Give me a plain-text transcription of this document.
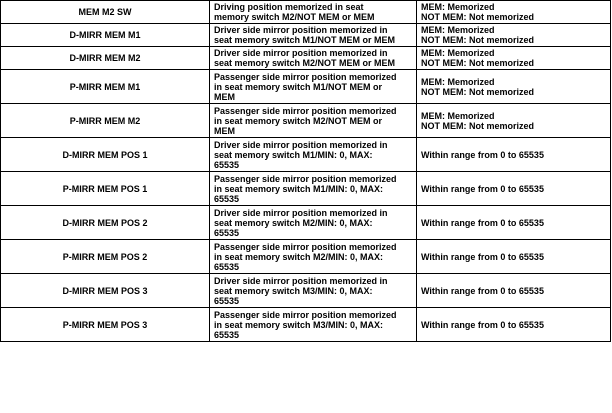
MEM M2 SW	Driving position memorized in seat
memory switch M2/NOT MEM or MEM	MEM: Memorized
NOT MEM: Not memorized

D-MIRR MEM M1	Driver side mirror position memorized in
seat memory switch M1/NOT MEM or MEM	MEM: Memorized
NOT MEM: Not memorized

D-MIRR MEM M2	Driver side mirror position memorized in
seat memory switch M2/NOT MEM or MEM	MEM: Memorized
NOT MEM: Not memorized

P-MIRR MEM M1	Passenger side mirror position memorized
in seat memory switch M1/NOT MEM or
MEM	MEM: Memorized
NOT MEM: Not memorized

P-MIRR MEM M2	Passenger side mirror position memorized
in seat memory switch M2/NOT MEM or
MEM	MEM: Memorized
NOT MEM: Not memorized

D-MIRR MEM POS 1	Driver side mirror position memorized in
seat memory switch M1/MIN: 0, MAX:
65535	Within range from 0 to 65535

P-MIRR MEM POS 1	Passenger side mirror position memorized
in seat memory switch M1/MIN: 0, MAX:
65535	Within range from 0 to 65535

D-MIRR MEM POS 2	Driver side mirror position memorized in
seat memory switch M2/MIN: 0, MAX:
65535	Within range from 0 to 65535

P-MIRR MEM POS 2	Passenger side mirror position memorized
in seat memory switch M2/MIN: 0, MAX:
65535	Within range from 0 to 65535

D-MIRR MEM POS 3	Driver side mirror position memorized in
seat memory switch M3/MIN: 0, MAX:
65535	Within range from 0 to 65535

P-MIRR MEM POS 3	Passenger side mirror position memorized
in seat memory switch M3/MIN: 0, MAX:
65535	Within range from 0 to 65535
